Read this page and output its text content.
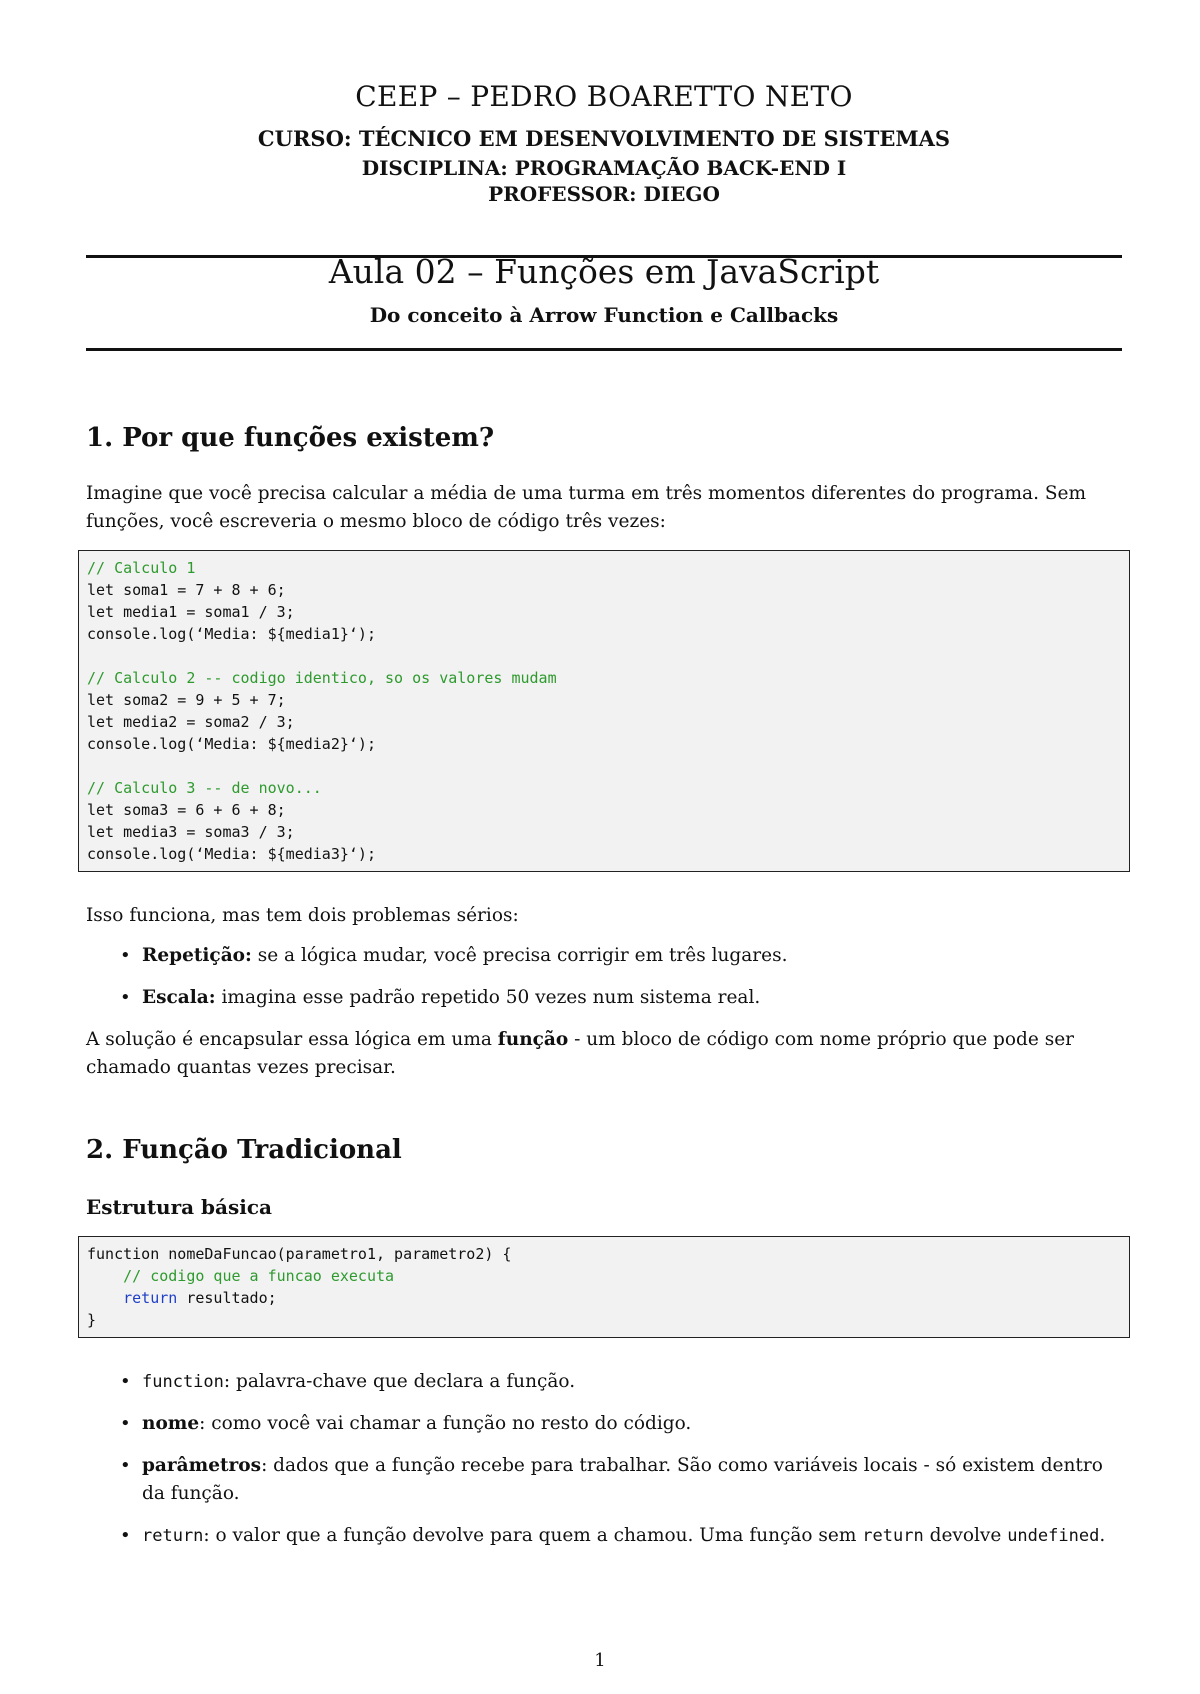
CEEP – PEDRO BOARETTO NETO
CURSO: TÉCNICO EM DESENVOLVIMENTO DE SISTEMAS
DISCIPLINA: PROGRAMAÇÃO BACK-END I
PROFESSOR: DIEGO
Aula 02 – Funções em JavaScript
Do conceito à Arrow Function e Callbacks
1. Por que funções existem?

Imagine que você precisa calcular a média de uma turma em três momentos diferentes do programa. Sem funções, você escreveria o mesmo bloco de código três vezes:

// Calculo 1
let soma1 = 7 + 8 + 6;
let media1 = soma1 / 3;
console.log(‘Media: ${media1}‘);
// Calculo 2 -- codigo identico, so os valores mudam
let soma2 = 9 + 5 + 7;
let media2 = soma2 / 3;
console.log(‘Media: ${media2}‘);
// Calculo 3 -- de novo...
let soma3 = 6 + 6 + 8;
let media3 = soma3 / 3;
console.log(‘Media: ${media3}‘);

Isso funciona, mas tem dois problemas sérios:

• Repetição: se a lógica mudar, você precisa corrigir em três lugares.
• Escala: imagina esse padrão repetido 50 vezes num sistema real.

A solução é encapsular essa lógica em uma função - um bloco de código com nome próprio que pode ser chamado quantas vezes precisar.

2. Função Tradicional
Estrutura básica
function nomeDaFuncao(parametro1, parametro2) {
// codigo que a funcao executa
return resultado;
}
• function: palavra-chave que declara a função.
• nome: como você vai chamar a função no resto do código.
• parâmetros: dados que a função recebe para trabalhar. São como variáveis locais - só existem dentro da função.
• return: o valor que a função devolve para quem a chamou. Uma função sem return devolve undefined.
1
